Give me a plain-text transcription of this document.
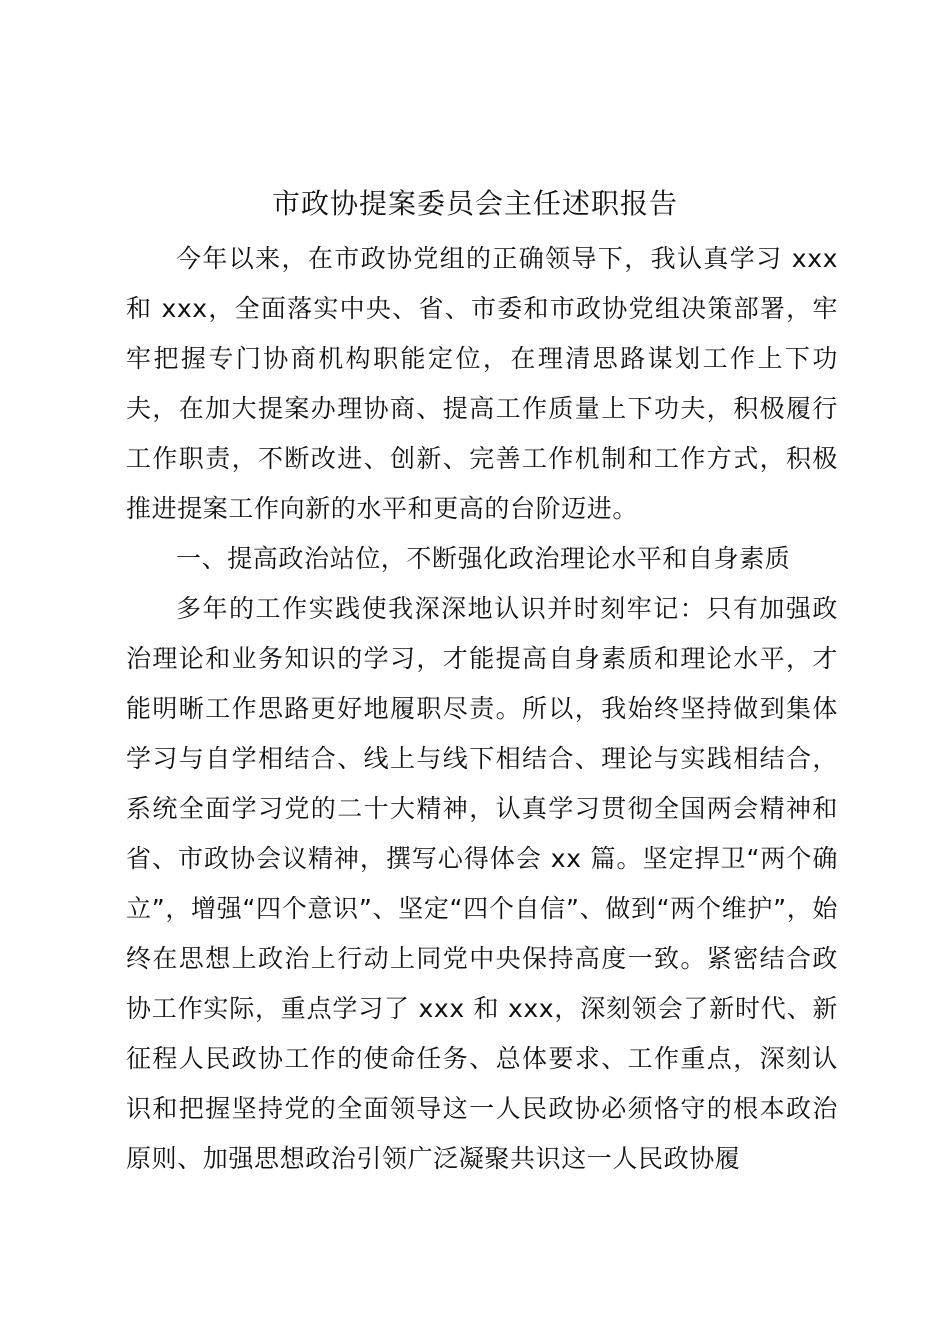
市政协提案委员会主任述职报告

今年以来，在市政协党组的正确领导下，我认真学习 xxx 和 xxx，全面落实中央、省、市委和市政协党组决策部署，牢牢把握专门协商机构职能定位，在理清思路谋划工作上下功夫，在加大提案办理协商、提高工作质量上下功夫，积极履行工作职责，不断改进、创新、完善工作机制和工作方式，积极推进提案工作向新的水平和更高的台阶迈进。

一、提高政治站位，不断强化政治理论水平和自身素质

多年的工作实践使我深深地认识并时刻牢记：只有加强政治理论和业务知识的学习，才能提高自身素质和理论水平，才能明晰工作思路更好地履职尽责。所以，我始终坚持做到集体学习与自学相结合、线上与线下相结合、理论与实践相结合，系统全面学习党的二十大精神，认真学习贯彻全国两会精神和省、市政协会议精神，撰写心得体会 xx 篇。坚定捍卫“两个确立”，增强“四个意识”、坚定“四个自信”、做到“两个维护”，始终在思想上政治上行动上同党中央保持高度一致。紧密结合政协工作实际，重点学习了 xxx 和 xxx，深刻领会了新时代、新征程人民政协工作的使命任务、总体要求、工作重点，深刻认识和把握坚持党的全面领导这一人民政协必须恪守的根本政治原则、加强思想政治引领广泛凝聚共识这一人民政协履
